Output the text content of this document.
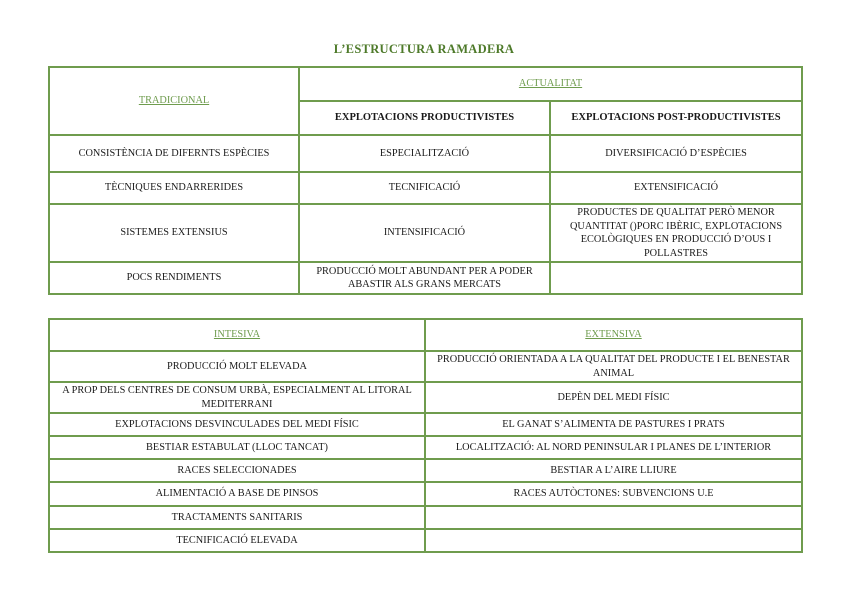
L’ESTRUCTURA RAMADERA
TRADICIONAL	ACTUALITAT	
	EXPLOTACIONS PRODUCTIVISTES	EXPLOTACIONS POST-PRODUCTIVISTES
CONSISTÈNCIA DE DIFERNTS ESPÈCIES	ESPECIALITZACIÓ	DIVERSIFICACIÓ D’ESPÈCIES
TÈCNIQUES ENDARRERIDES	TECNIFICACIÓ	EXTENSIFICACIÓ
SISTEMES EXTENSIUS	INTENSIFICACIÓ	PRODUCTES DE QUALITAT PERÒ MENOR QUANTITAT ()PORC IBÈRIC, EXPLOTACIONS ECOLÒGIQUES EN PRODUCCIÓ D’OUS I POLLASTRES
POCS RENDIMENTS	PRODUCCIÓ MOLT ABUNDANT PER A PODER ABASTIR ALS GRANS MERCATS	
INTESIVA	EXTENSIVA
PRODUCCIÓ MOLT ELEVADA	PRODUCCIÓ ORIENTADA A LA QUALITAT DEL PRODUCTE I EL BENESTAR ANIMAL
A PROP DELS CENTRES DE CONSUM URBÀ, ESPECIALMENT AL LITORAL MEDITERRANI	DEPÈN DEL MEDI FÍSIC
EXPLOTACIONS DESVINCULADES DEL MEDI FÍSIC	EL GANAT S’ALIMENTA DE PASTURES I PRATS
BESTIAR ESTABULAT (LLOC TANCAT)	LOCALITZACIÓ: AL NORD PENINSULAR I PLANES DE L’INTERIOR
RACES SELECCIONADES	BESTIAR A L’AIRE LLIURE
ALIMENTACIÓ A BASE DE PINSOS	RACES AUTÒCTONES: SUBVENCIONS U.E
TRACTAMENTS SANITARIS	
TECNIFICACIÓ ELEVADA	
